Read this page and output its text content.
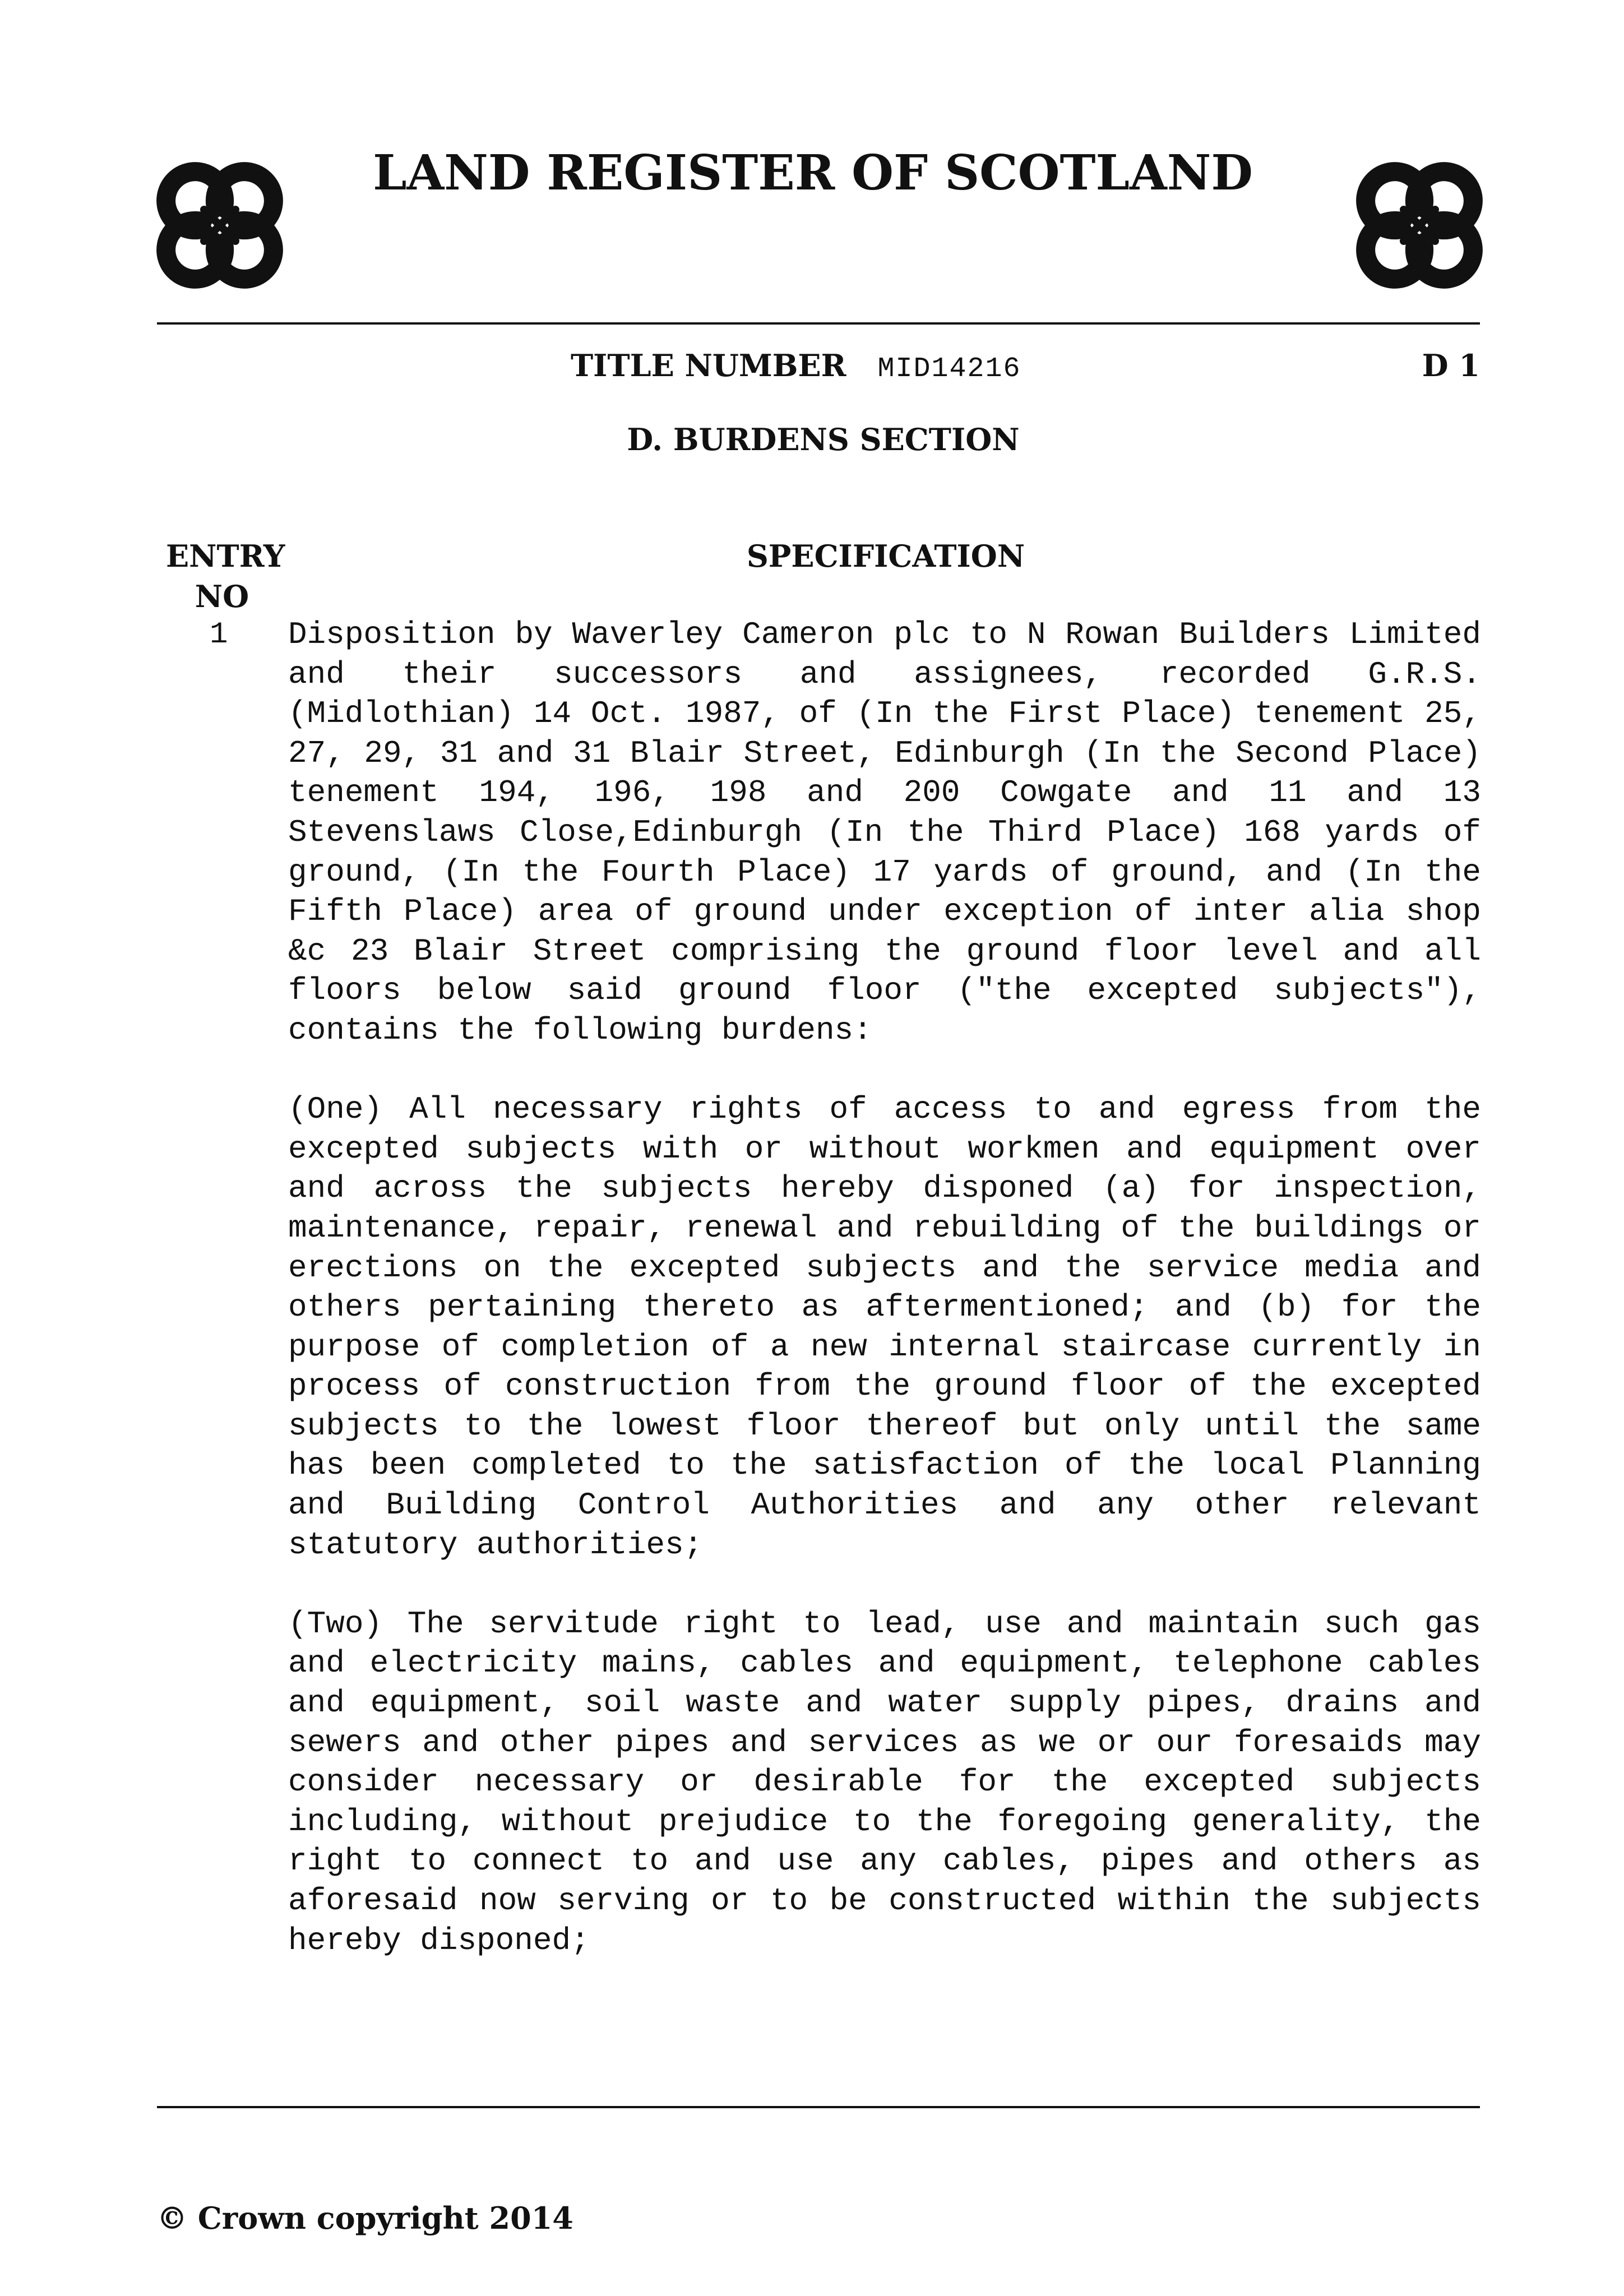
LAND REGISTER OF SCOTLAND
TITLE NUMBER MID14216	D 1
D. BURDENS SECTION
ENTRY
NO
SPECIFICATION
1 Disposition by Waverley Cameron plc to N Rowan Builders Limited and their successors and assignees, recorded G.R.S. (Midlothian) 14 Oct. 1987, of (In the First Place) tenement 25, 27, 29, 31 and 31 Blair Street, Edinburgh (In the Second Place) tenement 194, 196, 198 and 200 Cowgate and 11 and 13 Stevenslaws Close,Edinburgh (In the Third Place) 168 yards of ground, (In the Fourth Place) 17 yards of ground, and (In the Fifth Place) area of ground under exception of inter alia shop &c 23 Blair Street comprising the ground floor level and all floors below said ground floor ("the excepted subjects"), contains the following burdens:

(One) All necessary rights of access to and egress from the excepted subjects with or without workmen and equipment over and across the subjects hereby disponed (a) for inspection, maintenance, repair, renewal and rebuilding of the buildings or erections on the excepted subjects and the service media and others pertaining thereto as aftermentioned; and (b) for the purpose of completion of a new internal staircase currently in process of construction from the ground floor of the excepted subjects to the lowest floor thereof but only until the same has been completed to the satisfaction of the local Planning and Building Control Authorities and any other relevant statutory authorities;

(Two) The servitude right to lead, use and maintain such gas and electricity mains, cables and equipment, telephone cables and equipment, soil waste and water supply pipes, drains and sewers and other pipes and services as we or our foresaids may consider necessary or desirable for the excepted subjects including, without prejudice to the foregoing generality, the right to connect to and use any cables, pipes and others as aforesaid now serving or to be constructed within the subjects hereby disponed;

© Crown copyright 2014
